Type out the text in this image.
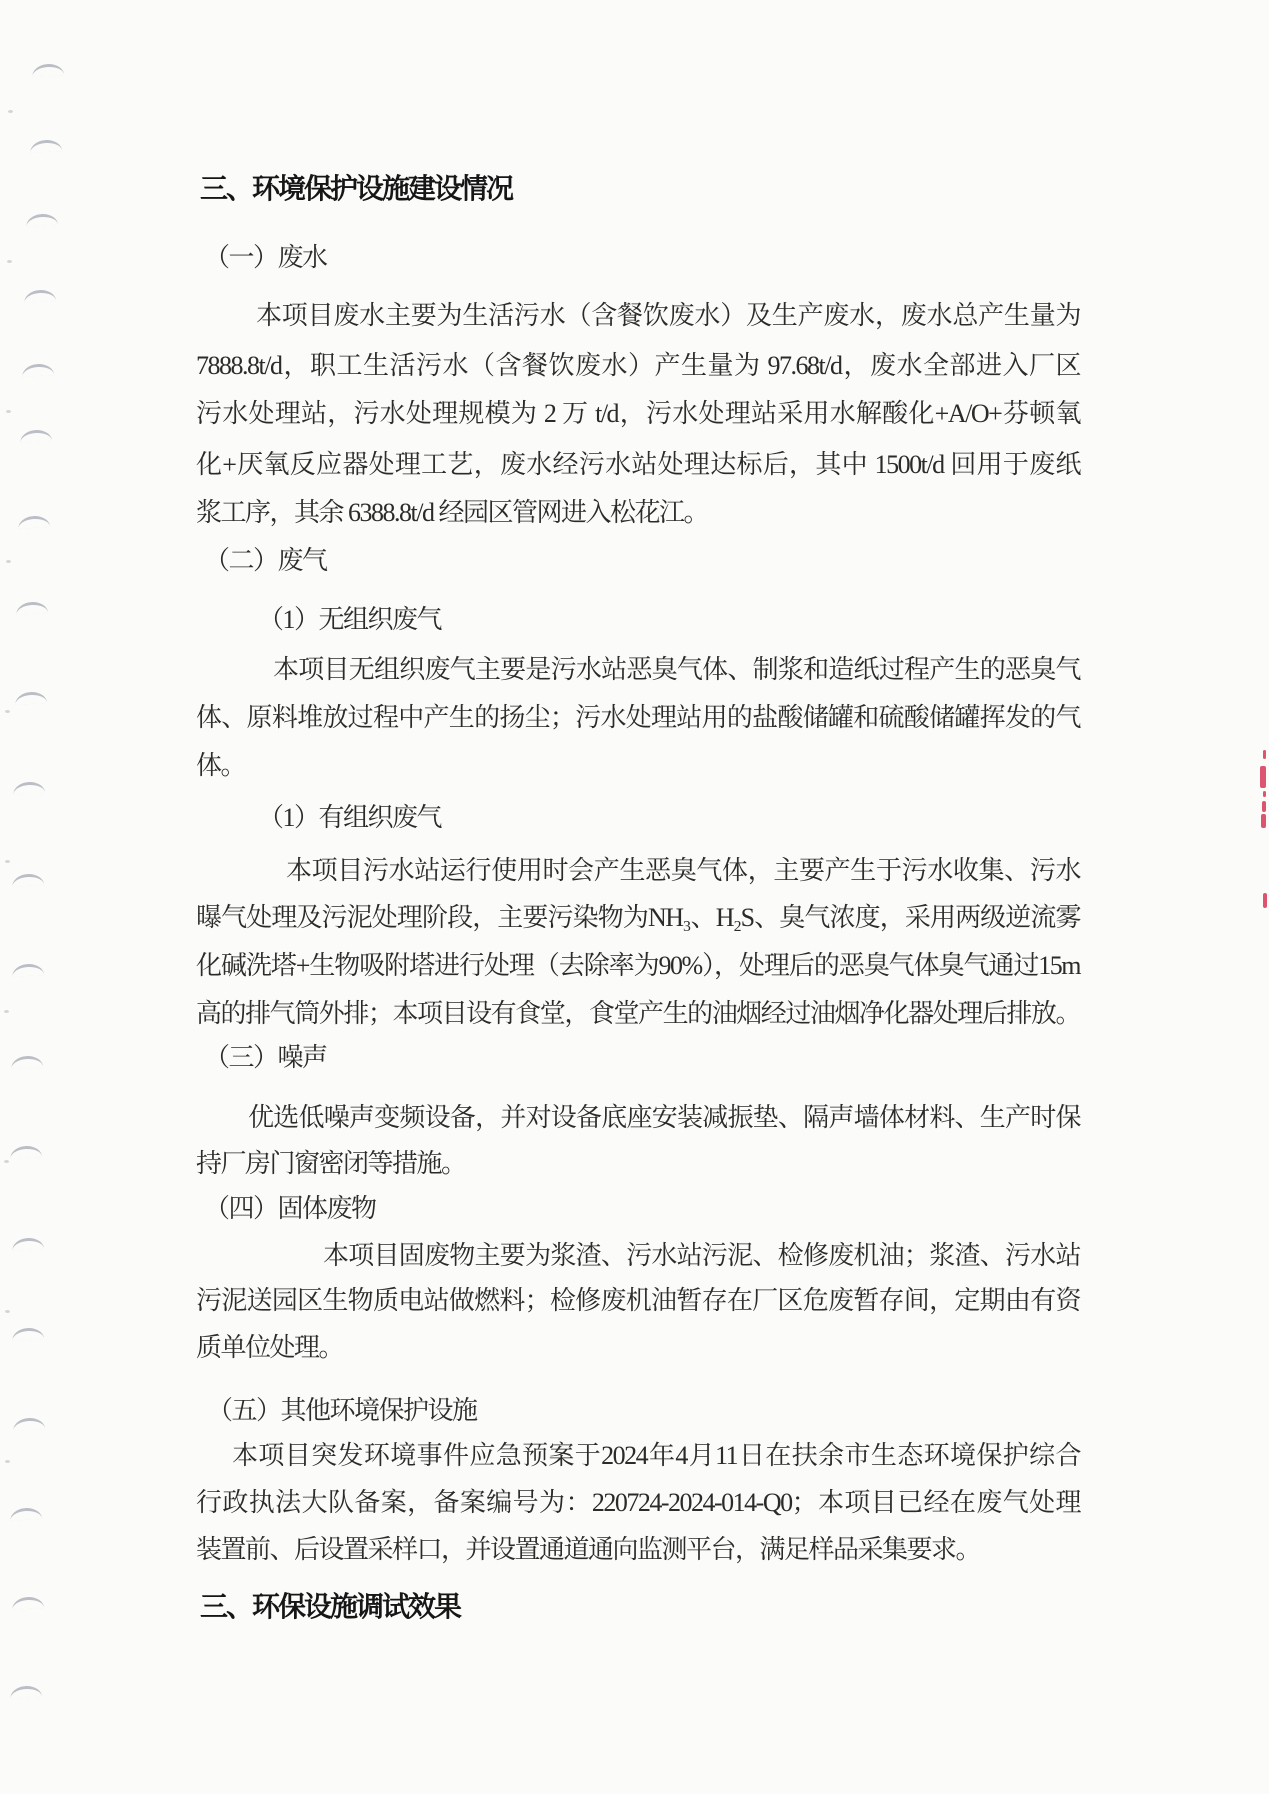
三、环境保护设施建设情况
（一）废水
本项目废水主要为生活污水（含餐饮废水）及生产废水，废水总产生量为
7888.8t/d，职工生活污水（含餐饮废水）产生量为 97.68t/d，废水全部进入厂区
污水处理站，污水处理规模为 2 万 t/d，污水处理站采用水解酸化+A/O+芬顿氧
化+厌氧反应器处理工艺，废水经污水站处理达标后，其中 1500t/d 回用于废纸
浆工序，其余 6388.8t/d 经园区管网进入松花江。
（二）废气
（1）无组织废气
本项目无组织废气主要是污水站恶臭气体、制浆和造纸过程产生的恶臭气
体、原料堆放过程中产生的扬尘；污水处理站用的盐酸储罐和硫酸储罐挥发的气
体。
（1）有组织废气
本项目污水站运行使用时会产生恶臭气体，主要产生于污水收集、污水
曝气处理及污泥处理阶段，主要污染物为NH₃、H₂S、臭气浓度，采用两级逆流雾
化碱洗塔+生物吸附塔进行处理（去除率为90%），处理后的恶臭气体臭气通过15m
高的排气筒外排；本项目设有食堂，食堂产生的油烟经过油烟净化器处理后排放。
（三）噪声
优选低噪声变频设备，并对设备底座安装减振垫、隔声墙体材料、生产时保
持厂房门窗密闭等措施。
（四）固体废物
本项目固废物主要为浆渣、污水站污泥、检修废机油；浆渣、污水站
污泥送园区生物质电站做燃料；检修废机油暂存在厂区危废暂存间，定期由有资
质单位处理。
（五）其他环境保护设施
本项目突发环境事件应急预案于2024年4月11日在扶余市生态环境保护综合
行政执法大队备案，备案编号为：220724-2024-014-Q0；本项目已经在废气处理
装置前、后设置采样口，并设置通道通向监测平台，满足样品采集要求。
三、环保设施调试效果
